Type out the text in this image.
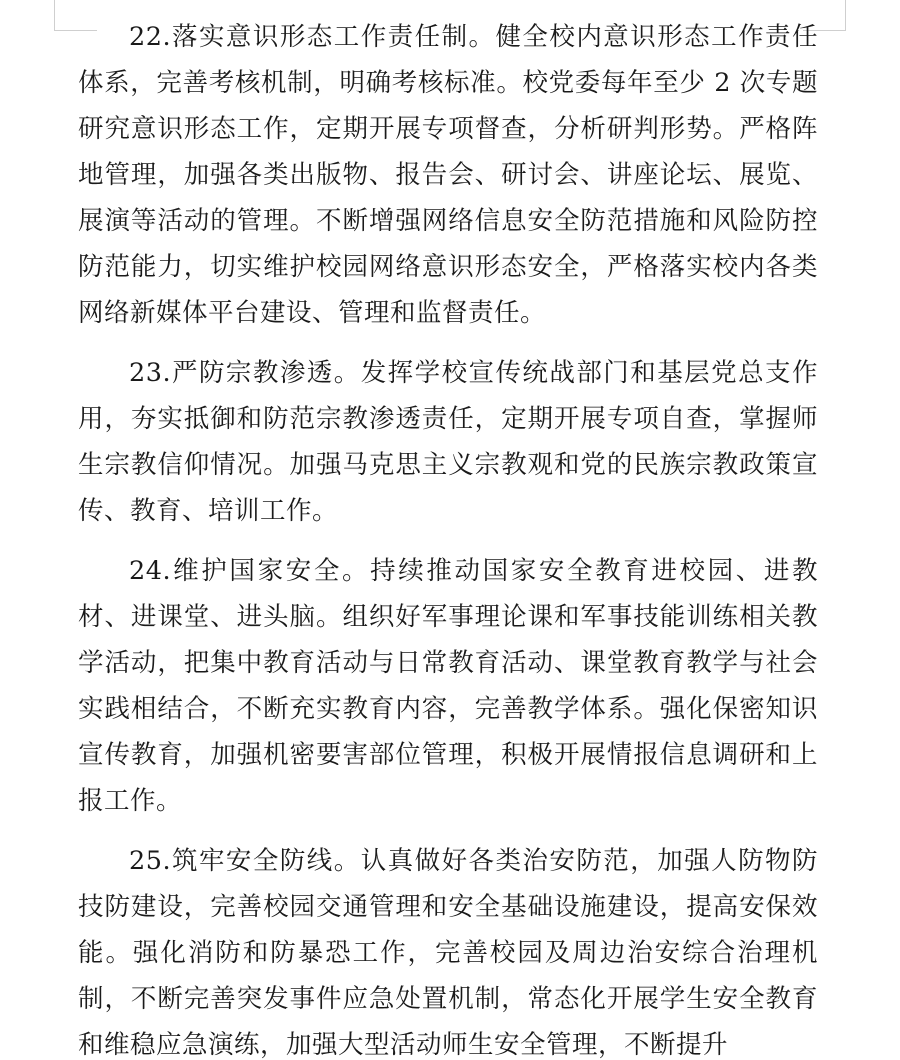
22.落实意识形态工作责任制。健全校内意识形态工作责任体系，完善考核机制，明确考核标准。校党委每年至少 2 次专题研究意识形态工作，定期开展专项督查，分析研判形势。严格阵地管理，加强各类出版物、报告会、研讨会、讲座论坛、展览、展演等活动的管理。不断增强网络信息安全防范措施和风险防控防范能力，切实维护校园网络意识形态安全，严格落实校内各类网络新媒体平台建设、管理和监督责任。

23.严防宗教渗透。发挥学校宣传统战部门和基层党总支作用，夯实抵御和防范宗教渗透责任，定期开展专项自查，掌握师生宗教信仰情况。加强马克思主义宗教观和党的民族宗教政策宣传、教育、培训工作。

24.维护国家安全。持续推动国家安全教育进校园、进教材、进课堂、进头脑。组织好军事理论课和军事技能训练相关教学活动，把集中教育活动与日常教育活动、课堂教育教学与社会实践相结合，不断充实教育内容，完善教学体系。强化保密知识宣传教育，加强机密要害部位管理，积极开展情报信息调研和上报工作。

25.筑牢安全防线。认真做好各类治安防范，加强人防物防技防建设，完善校园交通管理和安全基础设施建设，提高安保效能。强化消防和防暴恐工作，完善校园及周边治安综合治理机制，不断完善突发事件应急处置机制，常态化开展学生安全教育和维稳应急演练，加强大型活动师生安全管理，不断提升
